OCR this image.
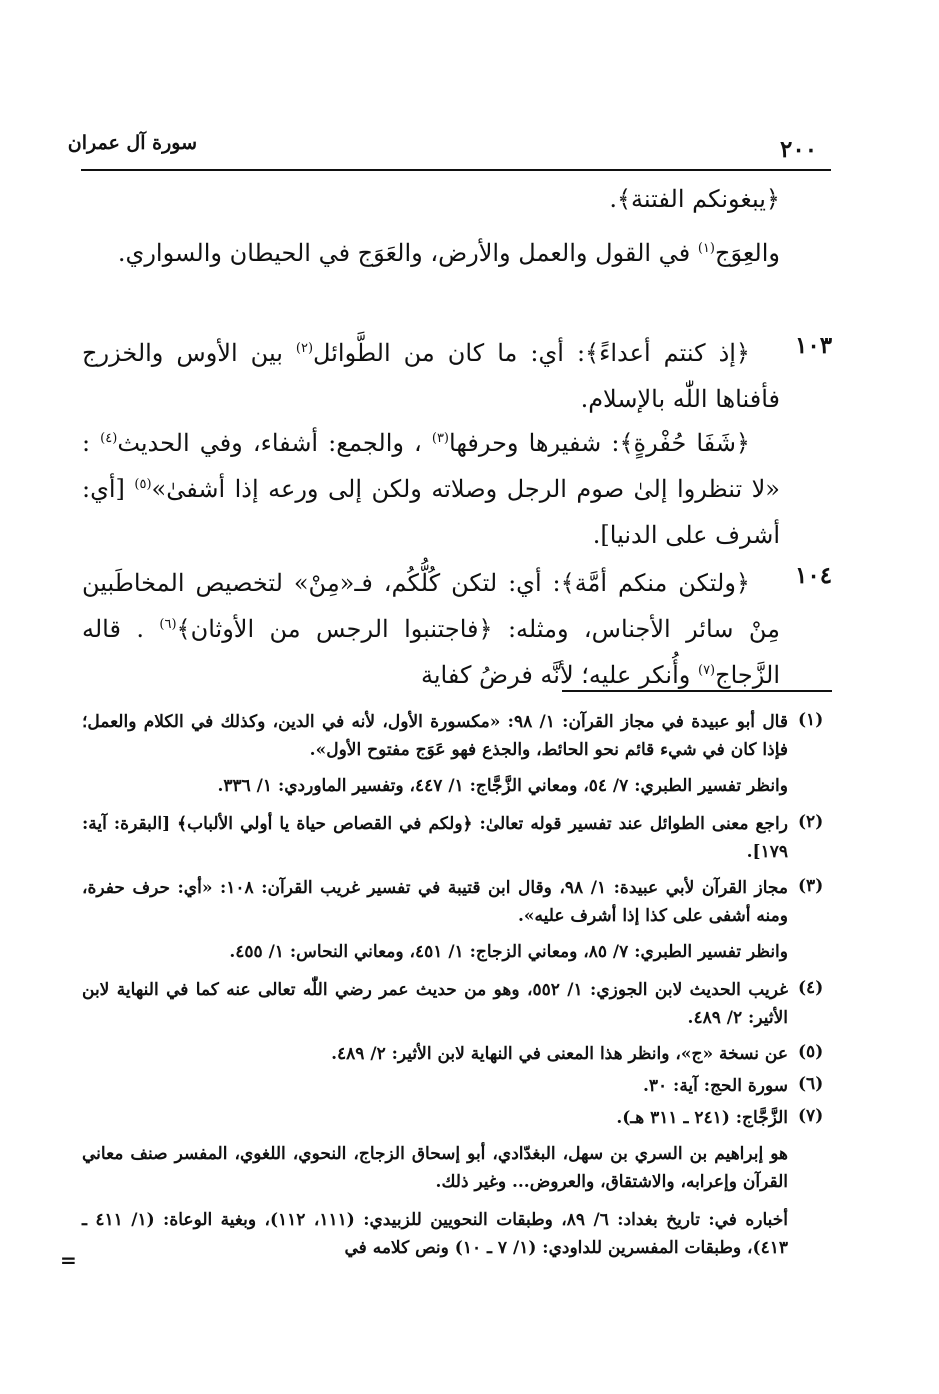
سورة آل عمران	٢٠٠
﴿يبغونكم الفتنة﴾.
والعِوَج$^{(١)}$ في القول والعمل والأرض، والعَوَج في الحيطان والسواري.
١٠٣
﴿إذ كنتم أعداءً﴾: أي: ما كان من الطَّوائل$^{(٢)}$ بين الأوس والخزرج فأفناها اللّٰه بالإسلام.
﴿شَفَا حُفْرةٍ﴾: شفيرها وحرفها$^{(٣)}$ ، والجمع: أشفاء، وفي الحديث$^{(٤)}$ : «لا تنظروا إلىٰ صوم الرجل وصلاته ولكن إلى ورعه إذا أشفىٰ»$^{(٥)}$ [أي: أشرف على الدنيا].
١٠٤
﴿ولتكن منكم أمَّة﴾: أي: لتكن كُلُّكُم، فـ«مِنْ» لتخصيص المخاطَبين مِنْ سائر الأجناس، ومثله: ﴿فاجتنبوا الرجس من الأوثان﴾$^{(٦)}$ . قاله الزَّجاج$^{(٧)}$ وأُنكر عليه؛ لأنَّه فرضُ كفاية
(١)
قال أبو عبيدة في مجاز القرآن: ١/ ٩٨: «مكسورة الأول، لأنه في الدين، وكذلك في الكلام والعمل؛ فإذا كان في شيء قائم نحو الحائط، والجذع فهو عَوَج مفتوح الأول».
وانظر تفسير الطبري: ٧/ ٥٤، ومعاني الزَّجَّاج: ١/ ٤٤٧، وتفسير الماوردي: ١/ ٣٣٦.
(٢)
راجع معنى الطوائل عند تفسير قوله تعالىٰ: ﴿ولكم في القصاص حياة يا أولي الألباب﴾ [البقرة: آية: ١٧٩].
(٣)
مجاز القرآن لأبي عبيدة: ١/ ٩٨، وقال ابن قتيبة في تفسير غريب القرآن: ١٠٨: «أي: حرف حفرة، ومنه أشفى على كذا إذا أشرف عليه».
وانظر تفسير الطبري: ٧/ ٨٥، ومعاني الزجاج: ١/ ٤٥١، ومعاني النحاس: ١/ ٤٥٥.
(٤)
غريب الحديث لابن الجوزي: ١/ ٥٥٢، وهو من حديث عمر رضي اللّٰه تعالى عنه كما في النهاية لابن الأثير: ٢/ ٤٨٩.
(٥)
عن نسخة «ج»، وانظر هذا المعنى في النهاية لابن الأثير: ٢/ ٤٨٩.
(٦)
سورة الحج: آية: ٣٠.
(٧)
الزَّجَّاج: (٢٤١ ـ ٣١١ هـ).
هو إبراهيم بن السري بن سهل، البغدّادي، أبو إسحاق الزجاج، النحوي، اللغوي، المفسر صنف معاني القرآن وإعرابه، والاشتقاق، والعروض... وغير ذلك.
أخباره في: تاريخ بغداد: ٦/ ٨٩، وطبقات النحويين للزبيدي: (١١١، ١١٢)، وبغية الوعاة: (١/ ٤١١ ـ ٤١٣)، وطبقات المفسرين للداودي: (١/ ٧ ـ ١٠) ونص كلامه في
=
